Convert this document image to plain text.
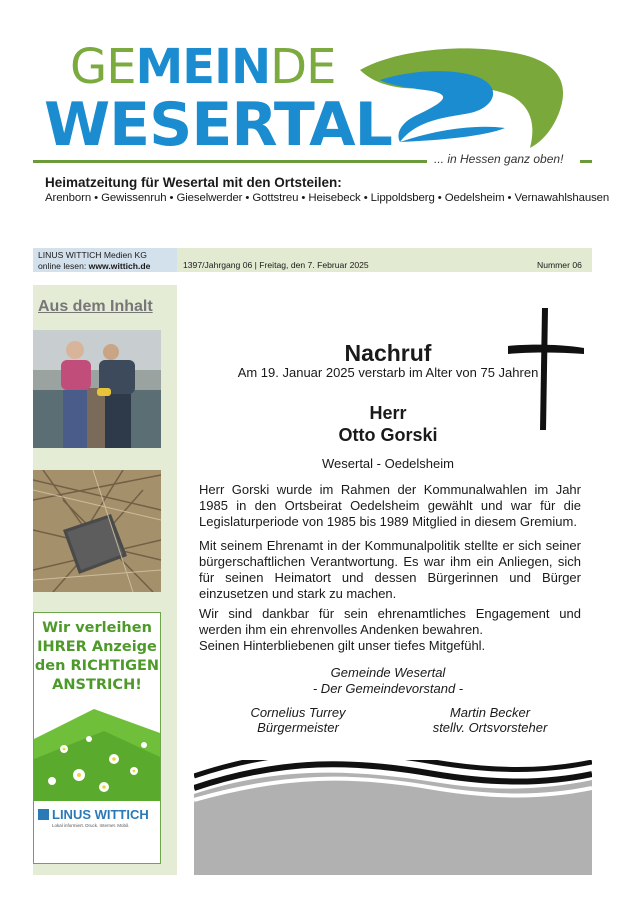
GEMEINDE
WESERTAL	... in Hessen ganz oben!
Heimatzeitung für Wesertal mit den Ortsteilen:
Arenborn • Gewissenruh • Gieselwerder • Gottstreu • Heisebeck • Lippoldsberg • Oedelsheim • Vernawahlshausen
LINUS WITTICH Medien KG
online lesen: www.wittich.de	1397/Jahrgang 06 | Freitag, den 7. Februar 2025	Nummer 06
Aus dem Inhalt
Wir verleihen
IHRER Anzeige
den RICHTIGEN
ANSTRICH!
LINUS WITTICH
Lokal informiert. Druck. Internet. Mobil.
Nachruf
Am 19. Januar 2025 verstarb im Alter von 75 Jahren
Herr
Otto Gorski
Wesertal - Oedelsheim
Herr Gorski wurde im Rahmen der Kommunalwahlen im Jahr 1985 in den Ortsbeirat Oedelsheim gewählt und war für die Legislaturperiode von 1985 bis 1989 Mitglied in diesem Gremium.
Mit seinem Ehrenamt in der Kommunalpolitik stellte er sich seiner bürgerschaftlichen Verantwortung. Es war ihm ein Anliegen, sich für seinen Heimatort und dessen Bürgerinnen und Bürger einzusetzen und stark zu machen.
Wir sind dankbar für sein ehrenamtliches Engagement und werden ihm ein ehrenvolles Andenken bewahren.
Seinen Hinterbliebenen gilt unser tiefes Mitgefühl.
Gemeinde Wesertal
- Der Gemeindevorstand -
Cornelius Turrey
Bürgermeister
Martin Becker
stellv. Ortsvorsteher
